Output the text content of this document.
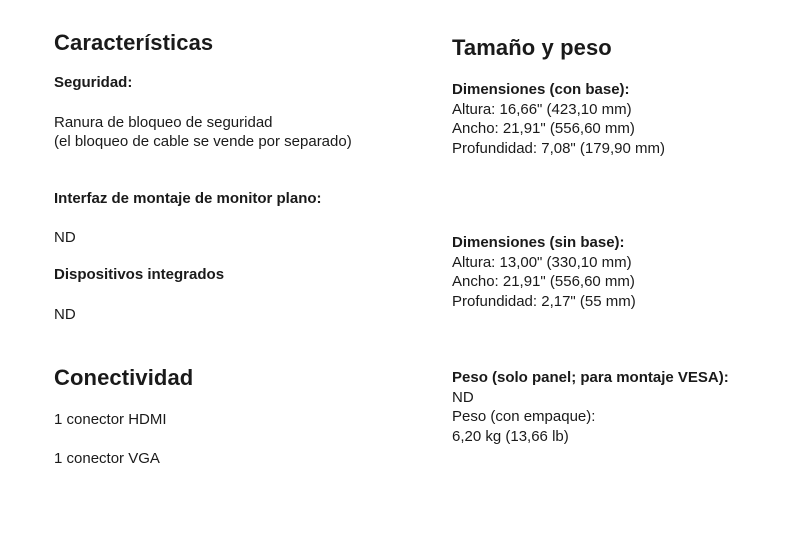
Características
Seguridad:
Ranura de bloqueo de seguridad
(el bloqueo de cable se vende por separado)
Interfaz de montaje de monitor plano:
ND
Dispositivos integrados
ND
Conectividad
1 conector HDMI
1 conector VGA
Tamaño y peso
Dimensiones (con base):
Altura: 16,66" (423,10 mm)
Ancho: 21,91" (556,60 mm)
Profundidad: 7,08" (179,90 mm)
Dimensiones (sin base):
Altura: 13,00" (330,10 mm)
Ancho: 21,91" (556,60 mm)
Profundidad: 2,17" (55 mm)
Peso (solo panel; para montaje VESA):
ND
Peso (con empaque):
6,20 kg (13,66 lb)
